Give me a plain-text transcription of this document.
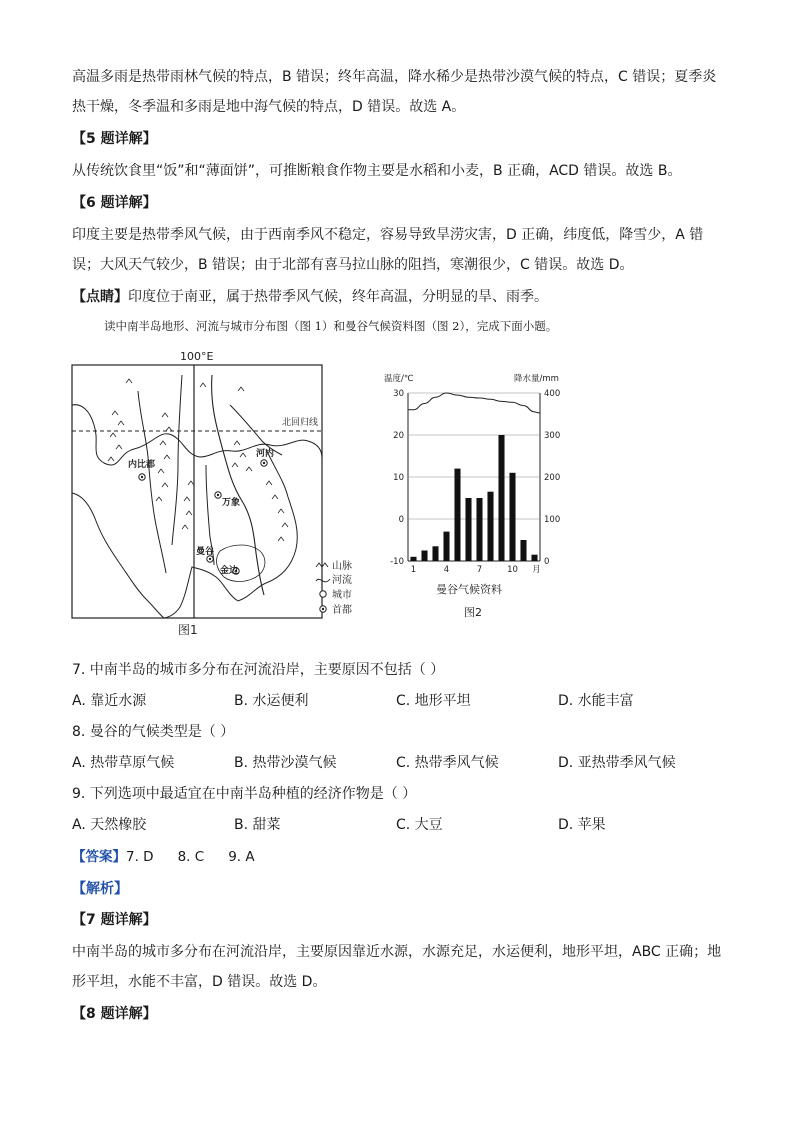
高温多雨是热带雨林气候的特点，B 错误；终年高温，降水稀少是热带沙漠气候的特点，C 错误；夏季炎
热干燥，冬季温和多雨是地中海气候的特点，D 错误。故选 A。
【5 题详解】
从传统饮食里“饭”和“薄面饼”，可推断粮食作物主要是水稻和小麦，B 正确，ACD 错误。故选 B。
【6 题详解】
印度主要是热带季风气候，由于西南季风不稳定，容易导致旱涝灾害，D 正确，纬度低，降雪少，A 错
误；大风天气较少，B 错误；由于北部有喜马拉山脉的阻挡，寒潮很少，C 错误。故选 D。
【点睛】印度位于南亚，属于热带季风气候，终年高温，分明显的旱、雨季。
读中南半岛地形、河流与城市分布图（图 1）和曼谷气候资料图（图 2），完成下面小题。
北回归线
100°E
内比都
河内
万象
曼谷
金边	山脉
河流
城市
首都
图1
温度/℃	降水量/mm
30	400
20	300
10	200
0	100
-10	0
1	4	7	10 月
曼谷气候资料
图2
7. 中南半岛的城市多分布在河流沿岸，主要原因不包括（ ）
A. 靠近水源	B. 水运便利	C. 地形平坦	D. 水能丰富
8. 曼谷的气候类型是（ ）
A. 热带草原气候	B. 热带沙漠气候	C. 热带季风气候	D. 亚热带季风气候
9. 下列选项中最适宜在中南半岛种植的经济作物是（ ）
A. 天然橡胶	B. 甜菜	C. 大豆	D. 苹果
【答案】7. D 8. C 9. A
【解析】
【7 题详解】
中南半岛的城市多分布在河流沿岸，主要原因靠近水源，水源充足，水运便利，地形平坦，ABC 正确；地
形平坦，水能不丰富，D 错误。故选 D。
【8 题详解】
